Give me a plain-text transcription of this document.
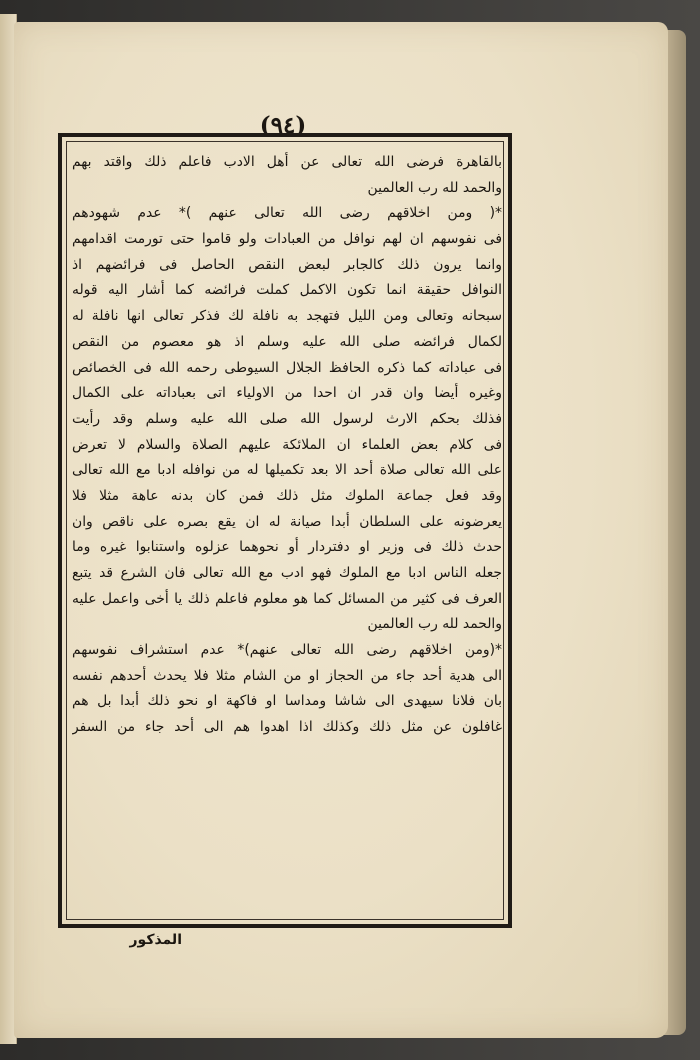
(٩٤)
بالقاهرة فرضى الله تعالى عن أهل الادب فاعلم ذلك واقتد بهم
والحمد لله رب العالمين
*( ومن اخلاقهم رضى الله تعالى عنهم )* عدم شهودهم
فى نفوسهم ان لهم نوافل من العبادات ولو قاموا حتى تورمت اقدامهم
وانما يرون ذلك كالجابر لبعض النقص الحاصل فى فرائضهم اذ
النوافل حقيقة انما تكون الاكمل كملت فرائضه كما أشار اليه قوله
سبحانه وتعالى ومن الليل فتهجد به نافلة لك فذكر تعالى انها نافلة له
لكمال فرائضه صلى الله عليه وسلم اذ هو معصوم من النقص
فى عباداته كما ذكره الحافظ الجلال السيوطى رحمه الله فى الخصائص
وغيره أيضا وان قدر ان احدا من الاولياء اتى بعباداته على الكمال
فذلك بحكم الارث لرسول الله صلى الله عليه وسلم وقد رأيت
فى كلام بعض العلماء ان الملائكة عليهم الصلاة والسلام لا تعرض
على الله تعالى صلاة أحد الا بعد تكميلها له من نوافله ادبا مع الله تعالى
وقد فعل جماعة الملوك مثل ذلك فمن كان بدنه عاهة مثلا فلا
يعرضونه على السلطان أبدا صيانة له ان يقع بصره على ناقص وان
حدث ذلك فى وزير او دفتردار أو نحوهما عزلوه واستنابوا غيره وما
جعله الناس ادبا مع الملوك فهو ادب مع الله تعالى فان الشرع قد يتبع
العرف فى كثير من المسائل كما هو معلوم فاعلم ذلك يا أخى واعمل عليه
والحمد لله رب العالمين
*(ومن اخلاقهم رضى الله تعالى عنهم)* عدم استشراف نفوسهم
الى هدية أحد جاء من الحجاز او من الشام مثلا فلا يحدث أحدهم نفسه
بان فلانا سيهدى الى شاشا ومداسا او فاكهة او نحو ذلك أبدا بل هم
غافلون عن مثل ذلك وكذلك اذا اهدوا هم الى أحد جاء من السفر
المذكور
